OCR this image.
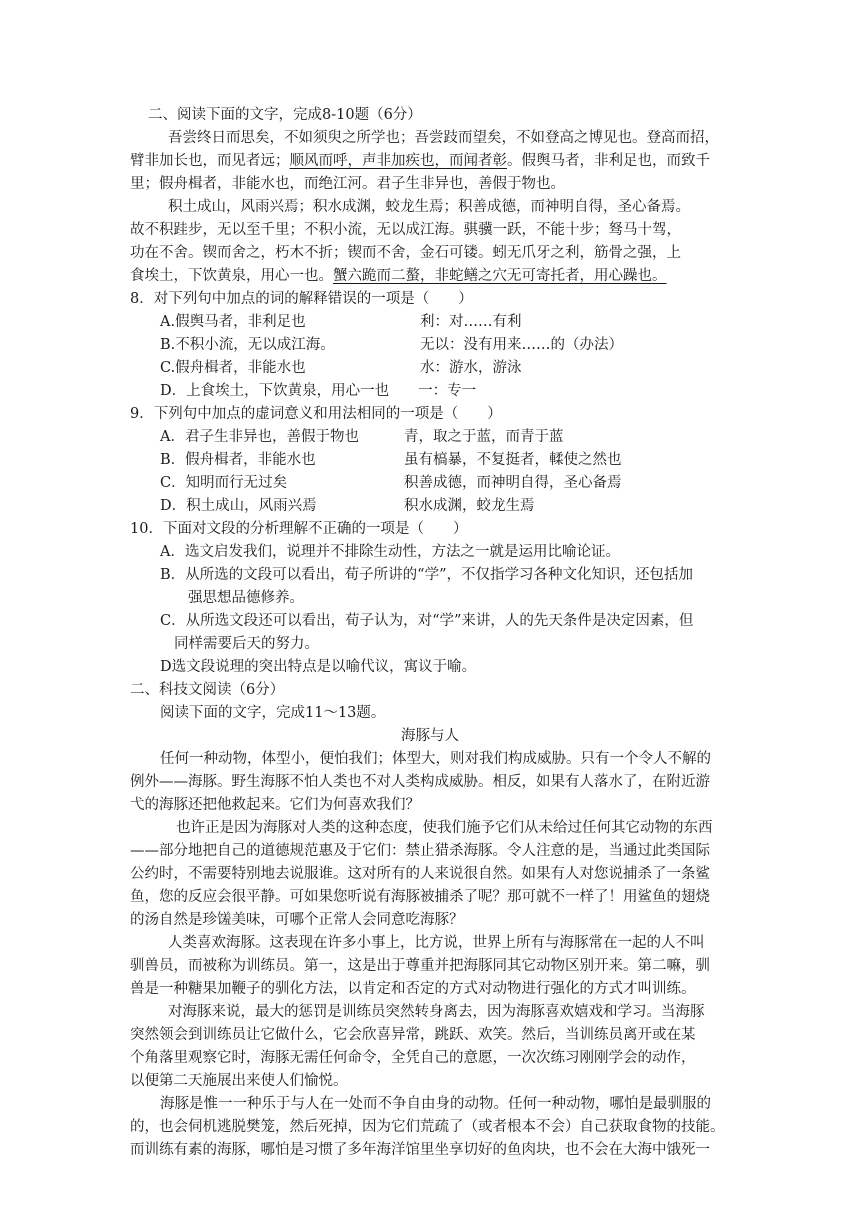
二、阅读下面的文字，完成8-10题（6分）
吾尝终日而思矣，不如须臾之所学也；吾尝跂而望矣，不如登高之博见也。登高而招，
臂非加长也，而见者远；顺风而呼，声非加疾也，而闻者彰。假舆马者，非利足也，而致千
里；假舟楫者，非能水也，而绝江河。君子生非异也，善假于物也。
积土成山，风雨兴焉；积水成渊，蛟龙生焉；积善成德，而神明自得，圣心备焉。
故不积跬步，无以至千里；不积小流，无以成江海。骐骥一跃，不能十步；驽马十驾，
功在不舍。锲而舍之，朽木不折；锲而不舍，金石可镂。蚓无爪牙之利，筋骨之强，上
食埃土，下饮黄泉，用心一也。蟹六跪而二螯，非蛇鳝之穴无可寄托者，用心躁也。
8．对下列句中加点的词的解释错误的一项是（　　）
A.假舆马者，非利足也	利：对……有利
B.不积小流，无以成江海。	无以：没有用来……的（办法）
C.假舟楫者，非能水也	水：游水，游泳
D．上食埃土，下饮黄泉，用心一也　　一：专一
9．下列句中加点的虚词意义和用法相同的一项是（　　）
A．君子生非异也，善假于物也	青，取之于蓝，而青于蓝
B．假舟楫者，非能水也	虽有槁暴，不复挺者，輮使之然也
C．知明而行无过矣	积善成德，而神明自得，圣心备焉
D．积土成山，风雨兴焉	积水成渊，蛟龙生焉
10．下面对文段的分析理解不正确的一项是（　　）
A．选文启发我们，说理并不排除生动性，方法之一就是运用比喻论证。
B．从所选的文段可以看出，荀子所讲的“学”，不仅指学习各种文化知识，还包括加
强思想品德修养。
C．从所选文段还可以看出，荀子认为，对“学”来讲，人的先天条件是决定因素，但
同样需要后天的努力。
D选文段说理的突出特点是以喻代议，寓议于喻。
二、科技文阅读（6分）
阅读下面的文字，完成11～13题。
海豚与人
任何一种动物，体型小，便怕我们；体型大，则对我们构成威胁。只有一个令人不解的
例外——海豚。野生海豚不怕人类也不对人类构成威胁。相反，如果有人落水了，在附近游
弋的海豚还把他救起来。它们为何喜欢我们？
也许正是因为海豚对人类的这种态度，使我们施予它们从未给过任何其它动物的东西
——部分地把自己的道德规范惠及于它们：禁止猎杀海豚。令人注意的是，当通过此类国际
公约时，不需要特别地去说服谁。这对所有的人来说很自然。如果有人对您说捕杀了一条鲨
鱼，您的反应会很平静。可如果您听说有海豚被捕杀了呢？那可就不一样了！用鲨鱼的翅烧
的汤自然是珍馐美味，可哪个正常人会同意吃海豚？
人类喜欢海豚。这表现在许多小事上，比方说，世界上所有与海豚常在一起的人不叫
驯兽员，而被称为训练员。第一，这是出于尊重并把海豚同其它动物区别开来。第二嘛，驯
兽是一种糖果加鞭子的驯化方法，以肯定和否定的方式对动物进行强化的方式才叫训练。
对海豚来说，最大的惩罚是训练员突然转身离去，因为海豚喜欢嬉戏和学习。当海豚
突然领会到训练员让它做什么，它会欣喜异常，跳跃、欢笑。然后，当训练员离开或在某
个角落里观察它时，海豚无需任何命令，全凭自己的意愿，一次次练习刚刚学会的动作，
以便第二天施展出来使人们愉悦。
海豚是惟一一种乐于与人在一处而不争自由身的动物。任何一种动物，哪怕是最驯服的
的，也会伺机逃脱樊笼，然后死掉，因为它们荒疏了（或者根本不会）自己获取食物的技能。
而训练有素的海豚，哪怕是习惯了多年海洋馆里坐享切好的鱼肉块，也不会在大海中饿死一
